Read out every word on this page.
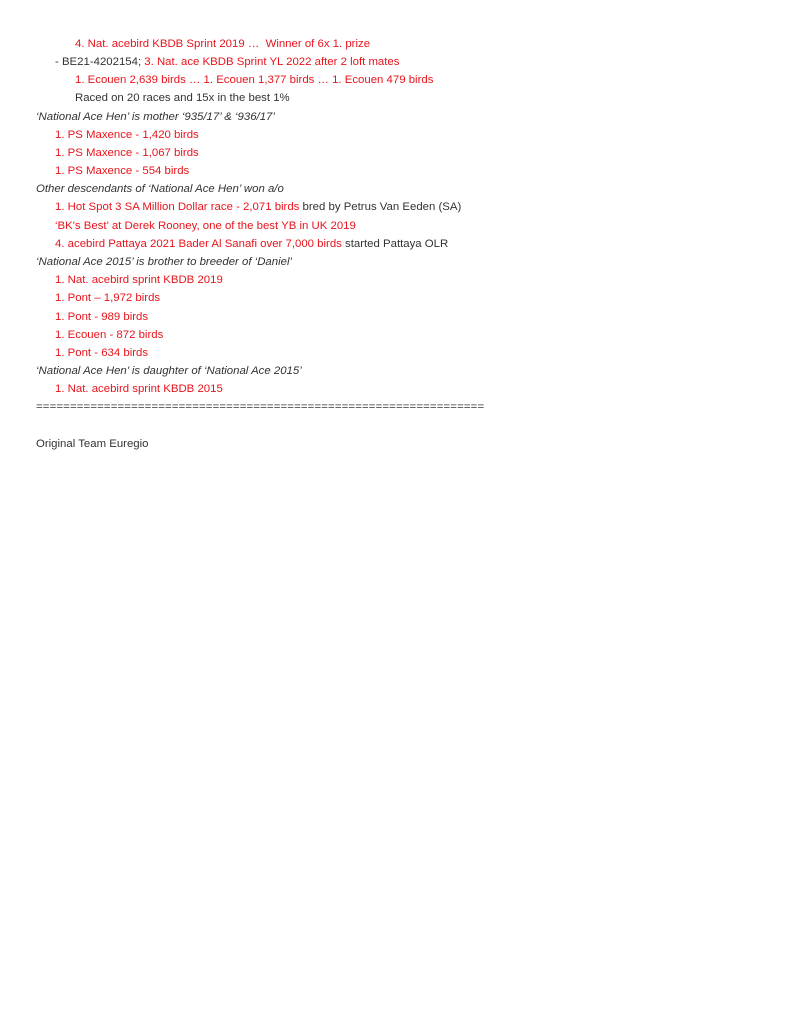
4. Nat. acebird KBDB Sprint 2019 …  Winner of 6x 1. prize
- BE21-4202154; 3. Nat. ace KBDB Sprint YL 2022 after 2 loft mates
1. Ecouen 2,639 birds … 1. Ecouen 1,377 birds … 1. Ecouen 479 birds
Raced on 20 races and 15x in the best 1%
‘National Ace Hen’ is mother ‘935/17’ & ‘936/17’
1. PS Maxence - 1,420 birds
1. PS Maxence - 1,067 birds
1. PS Maxence - 554 birds
Other descendants of ‘National Ace Hen’ won a/o
1. Hot Spot 3 SA Million Dollar race - 2,071 birds bred by Petrus Van Eeden (SA)
‘BK's Best’ at Derek Rooney, one of the best YB in UK 2019
4. acebird Pattaya 2021 Bader Al Sanafi over 7,000 birds started Pattaya OLR
‘National Ace 2015’ is brother to breeder of ‘Daniel’
1. Nat. acebird sprint KBDB 2019
1. Pont – 1,972 birds
1. Pont - 989 birds
1. Ecouen - 872 birds
1. Pont - 634 birds
‘National Ace Hen’ is daughter of ‘National Ace 2015’
1. Nat. acebird sprint KBDB 2015
==================================================================
Original Team Euregio
